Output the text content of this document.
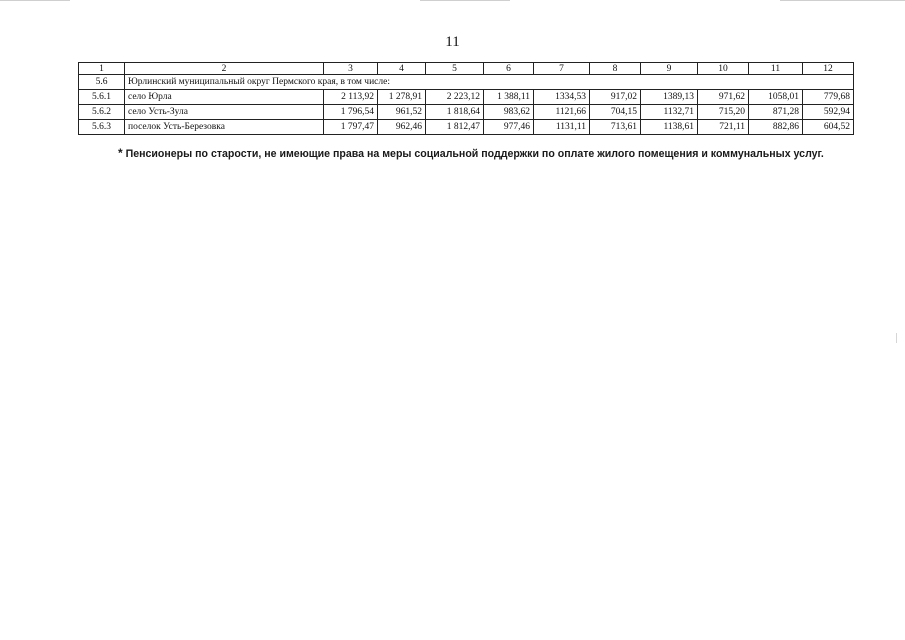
11
1	2	3	4	5	6	7	8	9	10	11	12
5.6	Юрлинский муниципальный округ Пермского края, в том числе:										
5.6.1	село Юрла	2 113,92	1 278,91	2 223,12	1 388,11	1334,53	917,02	1389,13	971,62	1058,01	779,68
5.6.2	село Усть-Зула	1 796,54	961,52	1 818,64	983,62	1121,66	704,15	1132,71	715,20	871,28	592,94
5.6.3	поселок Усть-Березовка	1 797,47	962,46	1 812,47	977,46	1131,11	713,61	1138,61	721,11	882,86	604,52
* Пенсионеры по старости, не имеющие права на меры социальной поддержки по оплате жилого помещения и коммунальных услуг.
